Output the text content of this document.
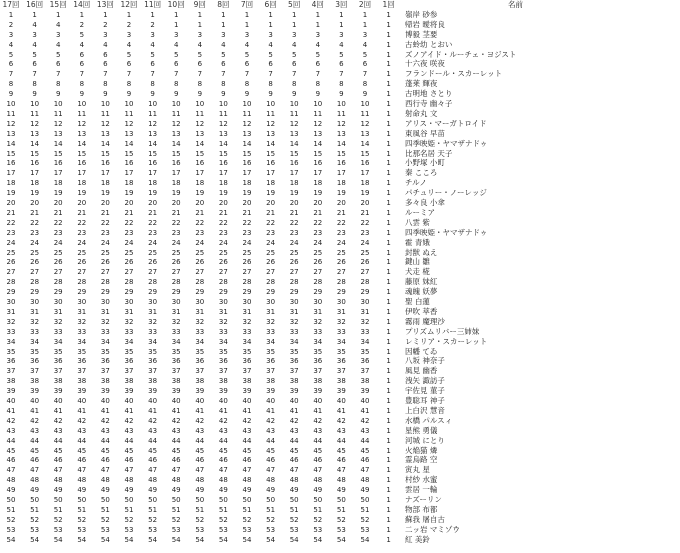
17回 16回 15回 14回 13回 12回 11回 10回	9回	8回	7回	6回	5回	4回	3回	2回	1回	名前
1	1	1	1	1	1	1	1	1	1	1	1	1	1	1	1	1	嶺岸 砂参
2	4	4	2	2	2	2	1	1	1	1	1	1	1	1	1	1	帰岩 曖将良
3	3	3	5	3	3	3	3	3	3	3	3	3	3	3	3	1	博毅 茎要
4	4	4	4	4	4	4	4	4	4	4	4	4	4	4	4	1	古蛉幼 とおい
5	5	5	6	6	5	5	5	5	5	5	5	5	5	5	5	1	ズノアイド・ルーチェ・ヨジスト
6	6	6	6	6	6	6	6	6	6	6	6	6	6	6	6	1	十六夜 咲夜
7	7	7	7	7	7	7	7	7	7	7	7	7	7	7	7	1	フランドール・スカーレット
8	8	8	8	8	8	8	8	8	8	8	8	8	8	8	8	1	蓬莱 輝夜
9	9	9	9	9	9	9	9	9	9	9	9	9	9	9	9	1	古明地 さとり
10	10	10	10	10	10	10	10	10	10	10	10	10	10	10	10	1	西行寺 幽々子
11	11	11	11	11	11	11	11	11	11	11	11	11	11	11	11	1	射命丸 文
12	12	12	12	12	12	12	12	12	12	12	12	12	12	12	12	1	アリス・マーガトロイド
13	13	13	13	13	13	13	13	13	13	13	13	13	13	13	13	1	東風谷 早苗
14	14	14	14	14	14	14	14	14	14	14	14	14	14	14	14	1	四季映姫・ヤマザナドゥ
15	15	15	15	15	15	15	15	15	15	15	15	15	15	15	15	1	比那名居 天子
16	16	16	16	16	16	16	16	16	16	16	16	16	16	16	16	1	小野塚 小町
17	17	17	17	17	17	17	17	17	17	17	17	17	17	17	17	1	秦 こころ
18	18	18	18	18	18	18	18	18	18	18	18	18	18	18	18	1	チルノ
19	19	19	19	19	19	19	19	19	19	19	19	19	19	19	19	1	パチュリー・ノーレッジ
20	20	20	20	20	20	20	20	20	20	20	20	20	20	20	20	1	多々良 小傘
21	21	21	21	21	21	21	21	21	21	21	21	21	21	21	21	1	ルーミア
22	22	22	22	22	22	22	22	22	22	22	22	22	22	22	22	1	八雲 紫
23	23	23	23	23	23	23	23	23	23	23	23	23	23	23	23	1	四季映姫・ヤマザナドゥ
24	24	24	24	24	24	24	24	24	24	24	24	24	24	24	24	1	霍 青娥
25	25	25	25	25	25	25	25	25	25	25	25	25	25	25	25	1	封獣 ぬえ
26	26	26	26	26	26	26	26	26	26	26	26	26	26	26	26	1	鍵山 雛
27	27	27	27	27	27	27	27	27	27	27	27	27	27	27	27	1	犬走 椛
28	28	28	28	28	28	28	28	28	28	28	28	28	28	28	28	1	藤原 妹紅
29	29	29	29	29	29	29	29	29	29	29	29	29	29	29	29	1	魂魄 妖夢
30	30	30	30	30	30	30	30	30	30	30	30	30	30	30	30	1	聖 白蓮
31	31	31	31	31	31	31	31	31	31	31	31	31	31	31	31	1	伊吹 萃香
32	32	32	32	32	32	32	32	32	32	32	32	32	32	32	32	1	霧雨 魔理沙
33	33	33	33	33	33	33	33	33	33	33	33	33	33	33	33	1	プリズムリバー三姉妹
34	34	34	34	34	34	34	34	34	34	34	34	34	34	34	34	1	レミリア・スカーレット
35	35	35	35	35	35	35	35	35	35	35	35	35	35	35	35	1	因幡 てゐ
36	36	36	36	36	36	36	36	36	36	36	36	36	36	36	36	1	八坂 神奈子
37	37	37	37	37	37	37	37	37	37	37	37	37	37	37	37	1	風見 幽香
38	38	38	38	38	38	38	38	38	38	38	38	38	38	38	38	1	洩矢 諏訪子
39	39	39	39	39	39	39	39	39	39	39	39	39	39	39	39	1	宇佐見 菫子
40	40	40	40	40	40	40	40	40	40	40	40	40	40	40	40	1	豊聡耳 神子
41	41	41	41	41	41	41	41	41	41	41	41	41	41	41	41	1	上白沢 慧音
42	42	42	42	42	42	42	42	42	42	42	42	42	42	42	42	1	水橋 パルスィ
43	43	43	43	43	43	43	43	43	43	43	43	43	43	43	43	1	星熊 勇儀
44	44	44	44	44	44	44	44	44	44	44	44	44	44	44	44	1	河城 にとり
45	45	45	45	45	45	45	45	45	45	45	45	45	45	45	45	1	火焔猫 燐
46	46	46	46	46	46	46	46	46	46	46	46	46	46	46	46	1	霊烏路 空
47	47	47	47	47	47	47	47	47	47	47	47	47	47	47	47	1	寅丸 星
48	48	48	48	48	48	48	48	48	48	48	48	48	48	48	48	1	村紗 水蜜
49	49	49	49	49	49	49	49	49	49	49	49	49	49	49	49	1	雲居 一輪
50	50	50	50	50	50	50	50	50	50	50	50	50	50	50	50	1	ナズーリン
51	51	51	51	51	51	51	51	51	51	51	51	51	51	51	51	1	物部 布都
52	52	52	52	52	52	52	52	52	52	52	52	52	52	52	52	1	蘇我 屠自古
53	53	53	53	53	53	53	53	53	53	53	53	53	53	53	53	1	二ッ岩 マミゾウ
54	54	54	54	54	54	54	54	54	54	54	54	54	54	54	54	1	紅 美鈴
